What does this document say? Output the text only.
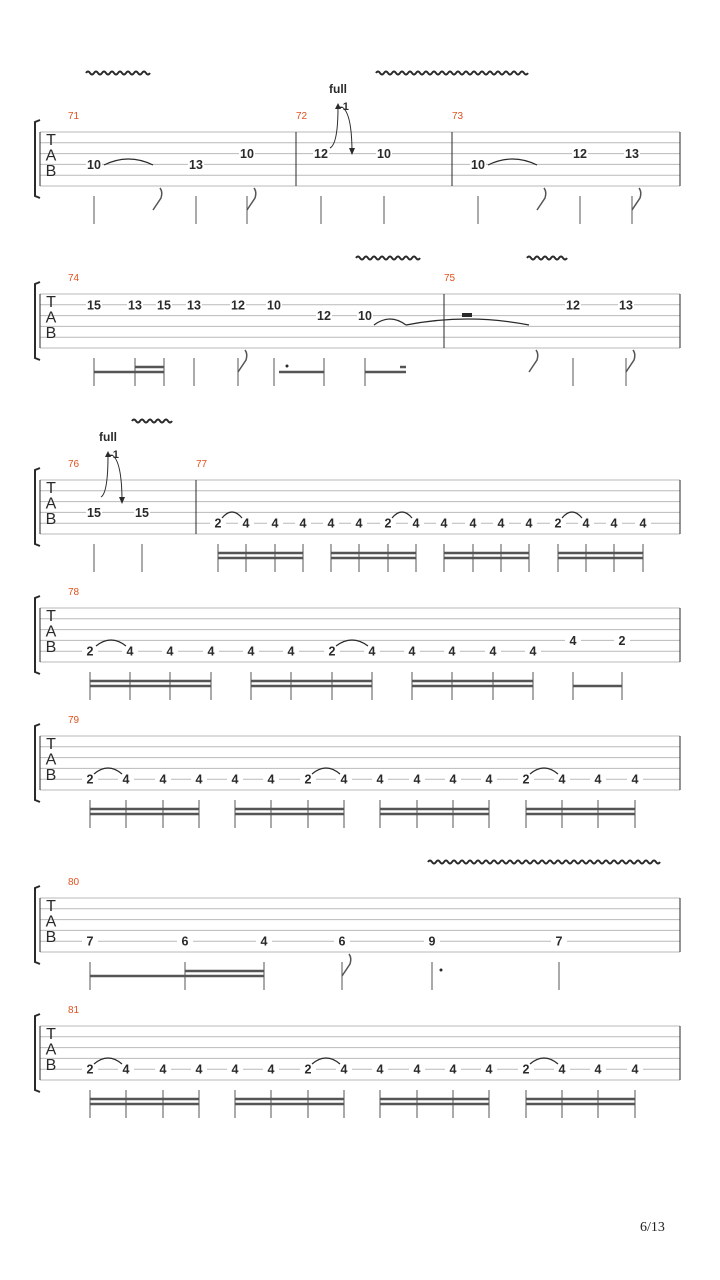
T
A
B
71
10	13
10
72
12	10
73
10
12	13
T
A
B
74
15 13 15 13 12 10
12 10
75
12	13
T
A
B
76
15	15
77
2 4 4 4 4 4 2 4 4 4 4 4 2 4 4 4
T
A
B
78
2	4	4	4	4	4	2	4	4	4	4	4
4	2
T
A
B
79
2 4 4 4 4 4 2 4 4 4 4 4 2 4 4 4
T
A
B
80
7	6	4	6	9	7
T
A
B
81
2 4 4 4 4 4 2 4 4 4 4 4 2 4 4 4
full
-1
full
-1
6/13
